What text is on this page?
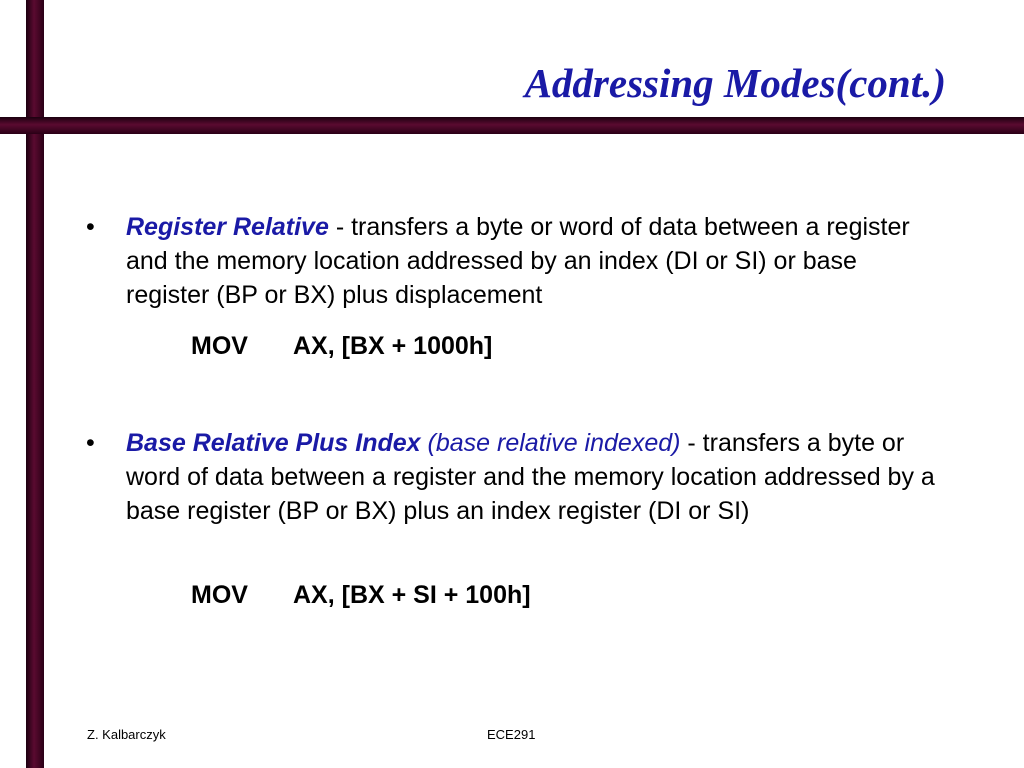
Addressing Modes(cont.)
• Register Relative - transfers a byte or word of data between a register and the memory location addressed by an index (DI or SI) or base register (BP or BX) plus displacement
MOV AX, [BX + 1000h]
• Base Relative Plus Index (base relative indexed) - transfers a byte or word of data between a register and the memory location addressed by a base register (BP or BX) plus an index register (DI or SI)
MOV AX, [BX + SI + 100h]
Z. Kalbarczyk	ECE291
